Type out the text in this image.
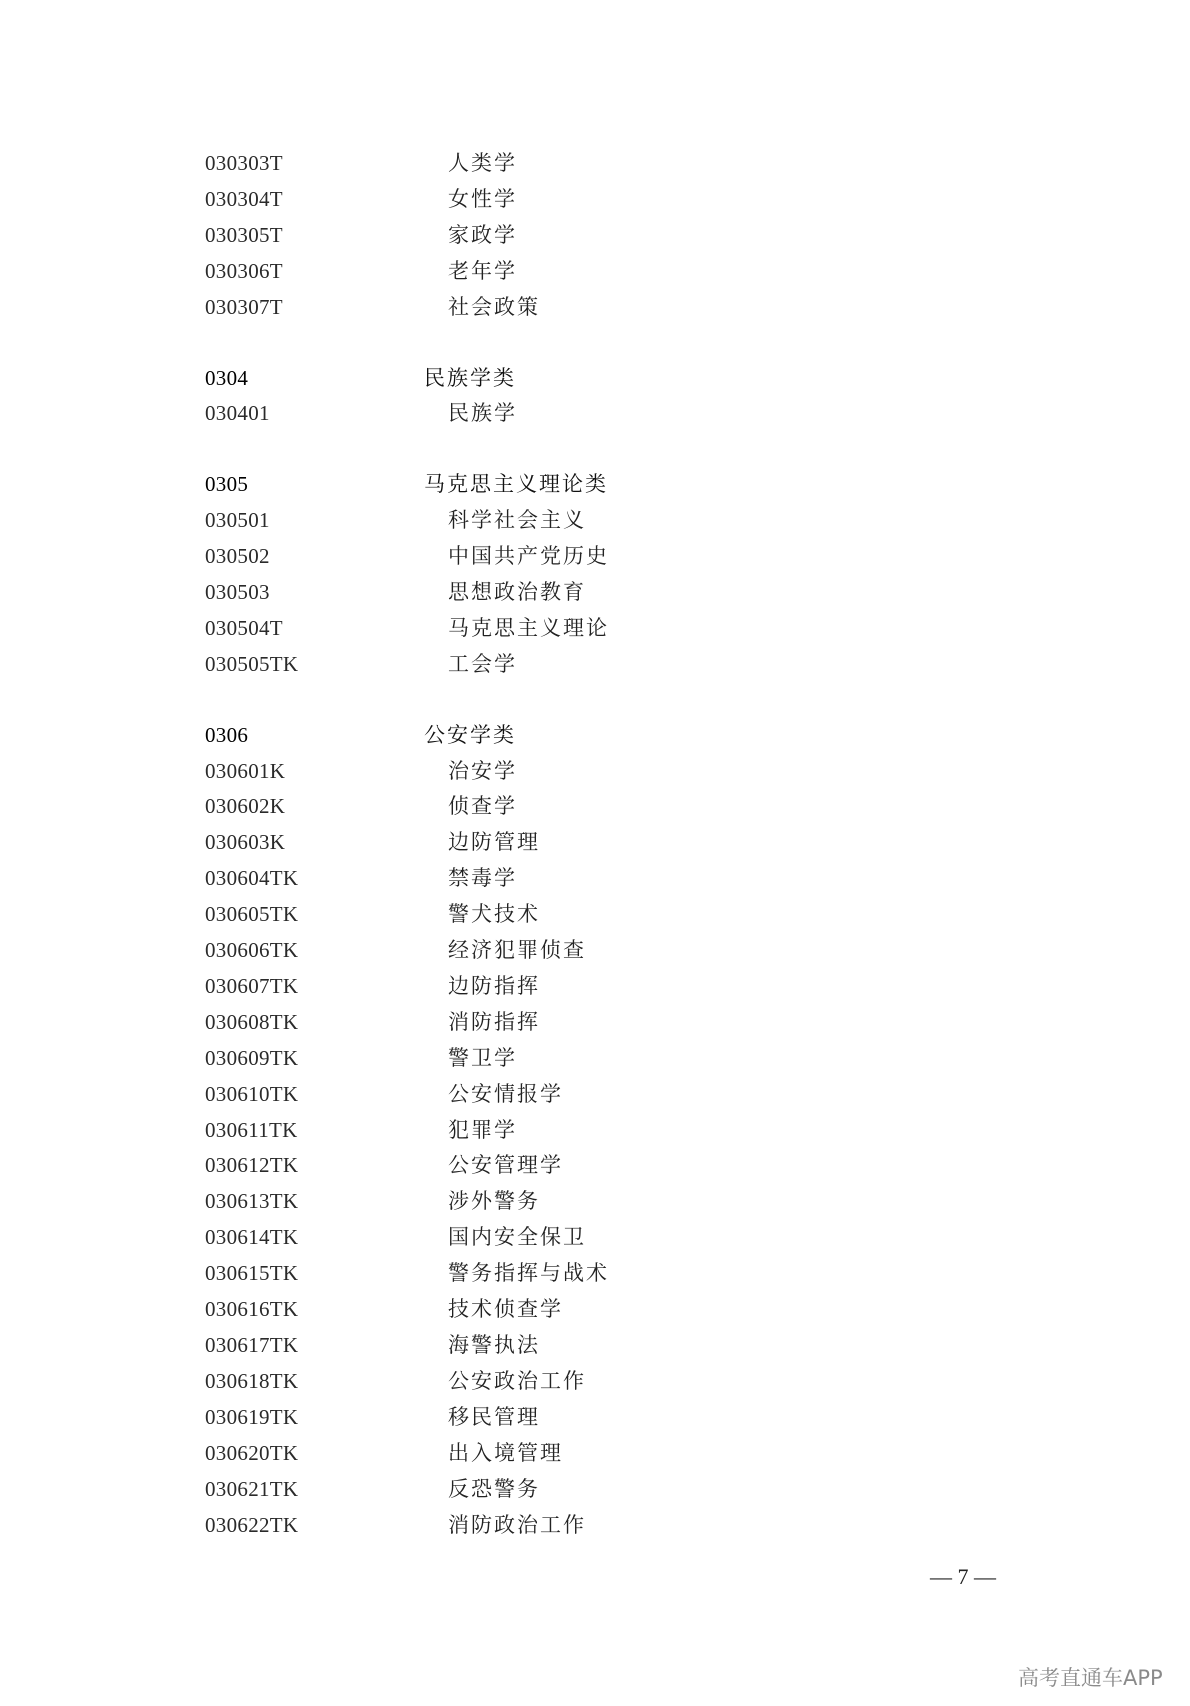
030303T	人类学
030304T	女性学
030305T	家政学
030306T	老年学
030307T	社会政策
0304	民族学类
030401	民族学
0305	马克思主义理论类
030501	科学社会主义
030502	中国共产党历史
030503	思想政治教育
030504T	马克思主义理论
030505TK	工会学
0306	公安学类
030601K	治安学
030602K	侦查学
030603K	边防管理
030604TK	禁毒学
030605TK	警犬技术
030606TK	经济犯罪侦查
030607TK	边防指挥
030608TK	消防指挥
030609TK	警卫学
030610TK	公安情报学
030611TK	犯罪学
030612TK	公安管理学
030613TK	涉外警务
030614TK	国内安全保卫
030615TK	警务指挥与战术
030616TK	技术侦查学
030617TK	海警执法
030618TK	公安政治工作
030619TK	移民管理
030620TK	出入境管理
030621TK	反恐警务
030622TK	消防政治工作
— 7 —
高考直通车APP
